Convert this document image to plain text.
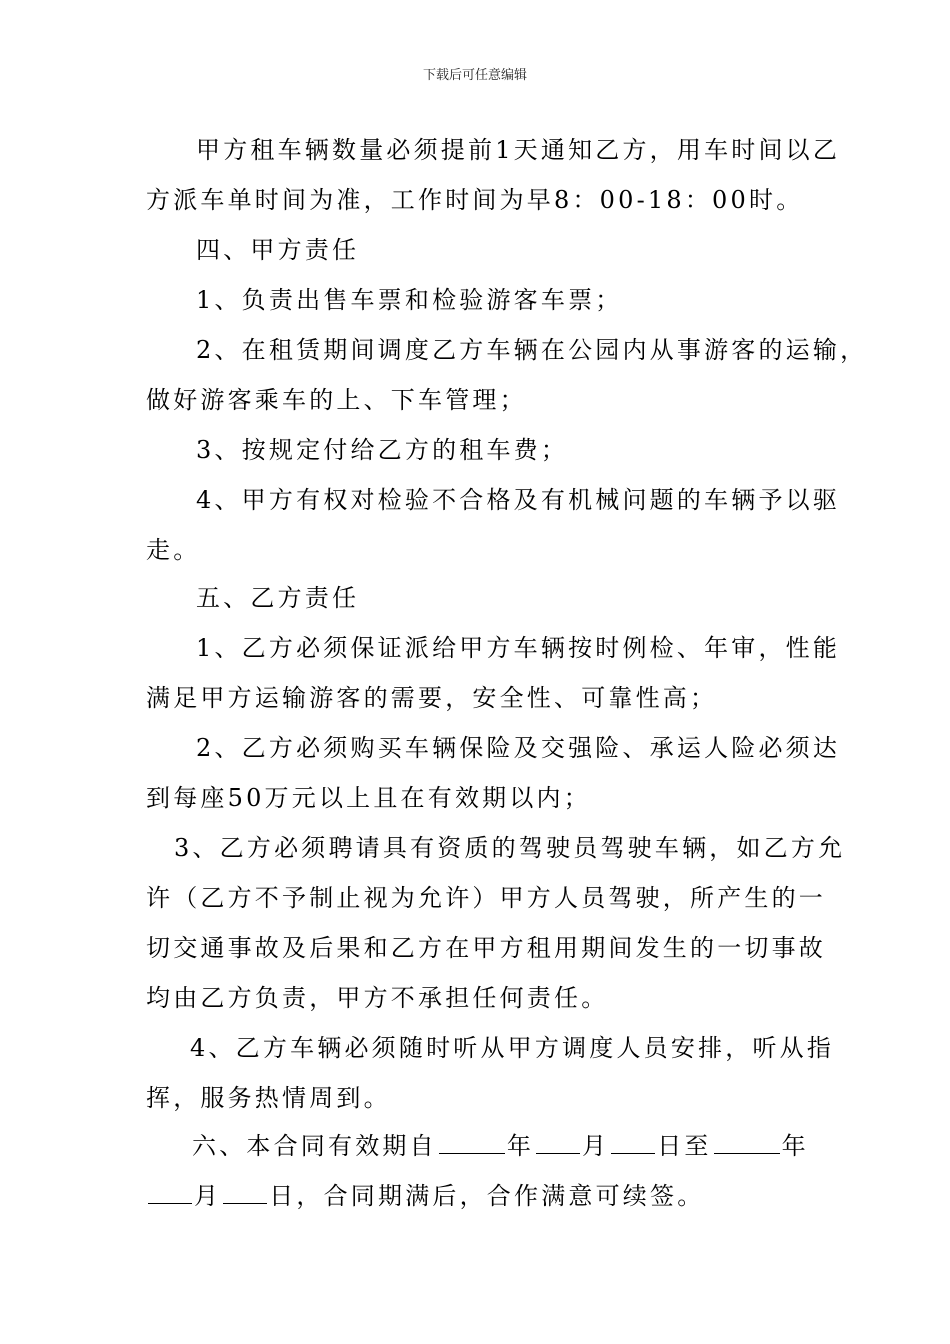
下载后可任意编辑
甲方租车辆数量必须提前1天通知乙方，用车时间以乙
方派车单时间为准，工作时间为早8：00-18：00时。
四、甲方责任
1、负责出售车票和检验游客车票；
2、在租赁期间调度乙方车辆在公园内从事游客的运输，
做好游客乘车的上、下车管理；
3、按规定付给乙方的租车费；
4、甲方有权对检验不合格及有机械问题的车辆予以驱
走。
五、乙方责任
1、乙方必须保证派给甲方车辆按时例检、年审，性能
满足甲方运输游客的需要，安全性、可靠性高；
2、乙方必须购买车辆保险及交强险、承运人险必须达
到每座50万元以上且在有效期以内；
3、乙方必须聘请具有资质的驾驶员驾驶车辆，如乙方允
许（乙方不予制止视为允许）甲方人员驾驶，所产生的一
切交通事故及后果和乙方在甲方租用期间发生的一切事故
均由乙方负责，甲方不承担任何责任。
4、乙方车辆必须随时听从甲方调度人员安排，听从指
挥，服务热情周到。
六、本合同有效期自	年 月 日至	年
月 日，合同期满后，合作满意可续签。
